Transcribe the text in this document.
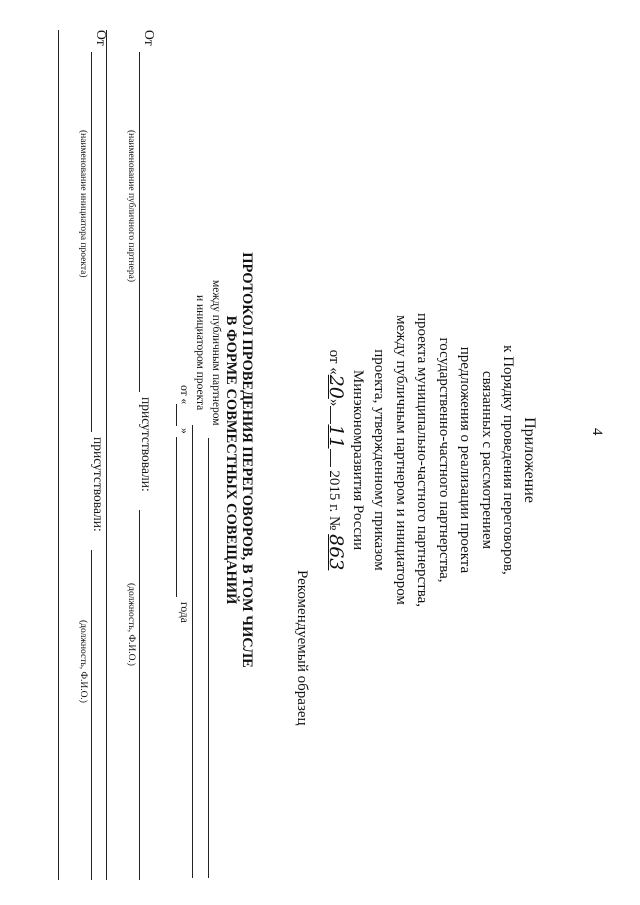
4
Приложение
к Порядку проведения переговоров,
связанных с рассмотрением
предложения о реализации проекта
государственно-частного партнерства,
проекта муниципально-частного партнерства,
между публичным партнером и инициатором
проекта, утвержденному приказом
Минэкономразвития России
от «20»11 2015 г. № 863
Рекомендуемый образец
ПРОТОКОЛ ПРОВЕДЕНИЯ ПЕРЕГОВОРОВ, В ТОМ ЧИСЛЕ
В ФОРМЕ СОВМЕСТНЫХ СОВЕЩАНИЙ
между публичным партнером
и инициатором проекта
от «
»
года
От
присутствовали:
(наименование публичного партнера)
(должность, Ф.И.О.)
От
присутствовали:
(наименование инициатора проекта)
(должность, Ф.И.О.)
